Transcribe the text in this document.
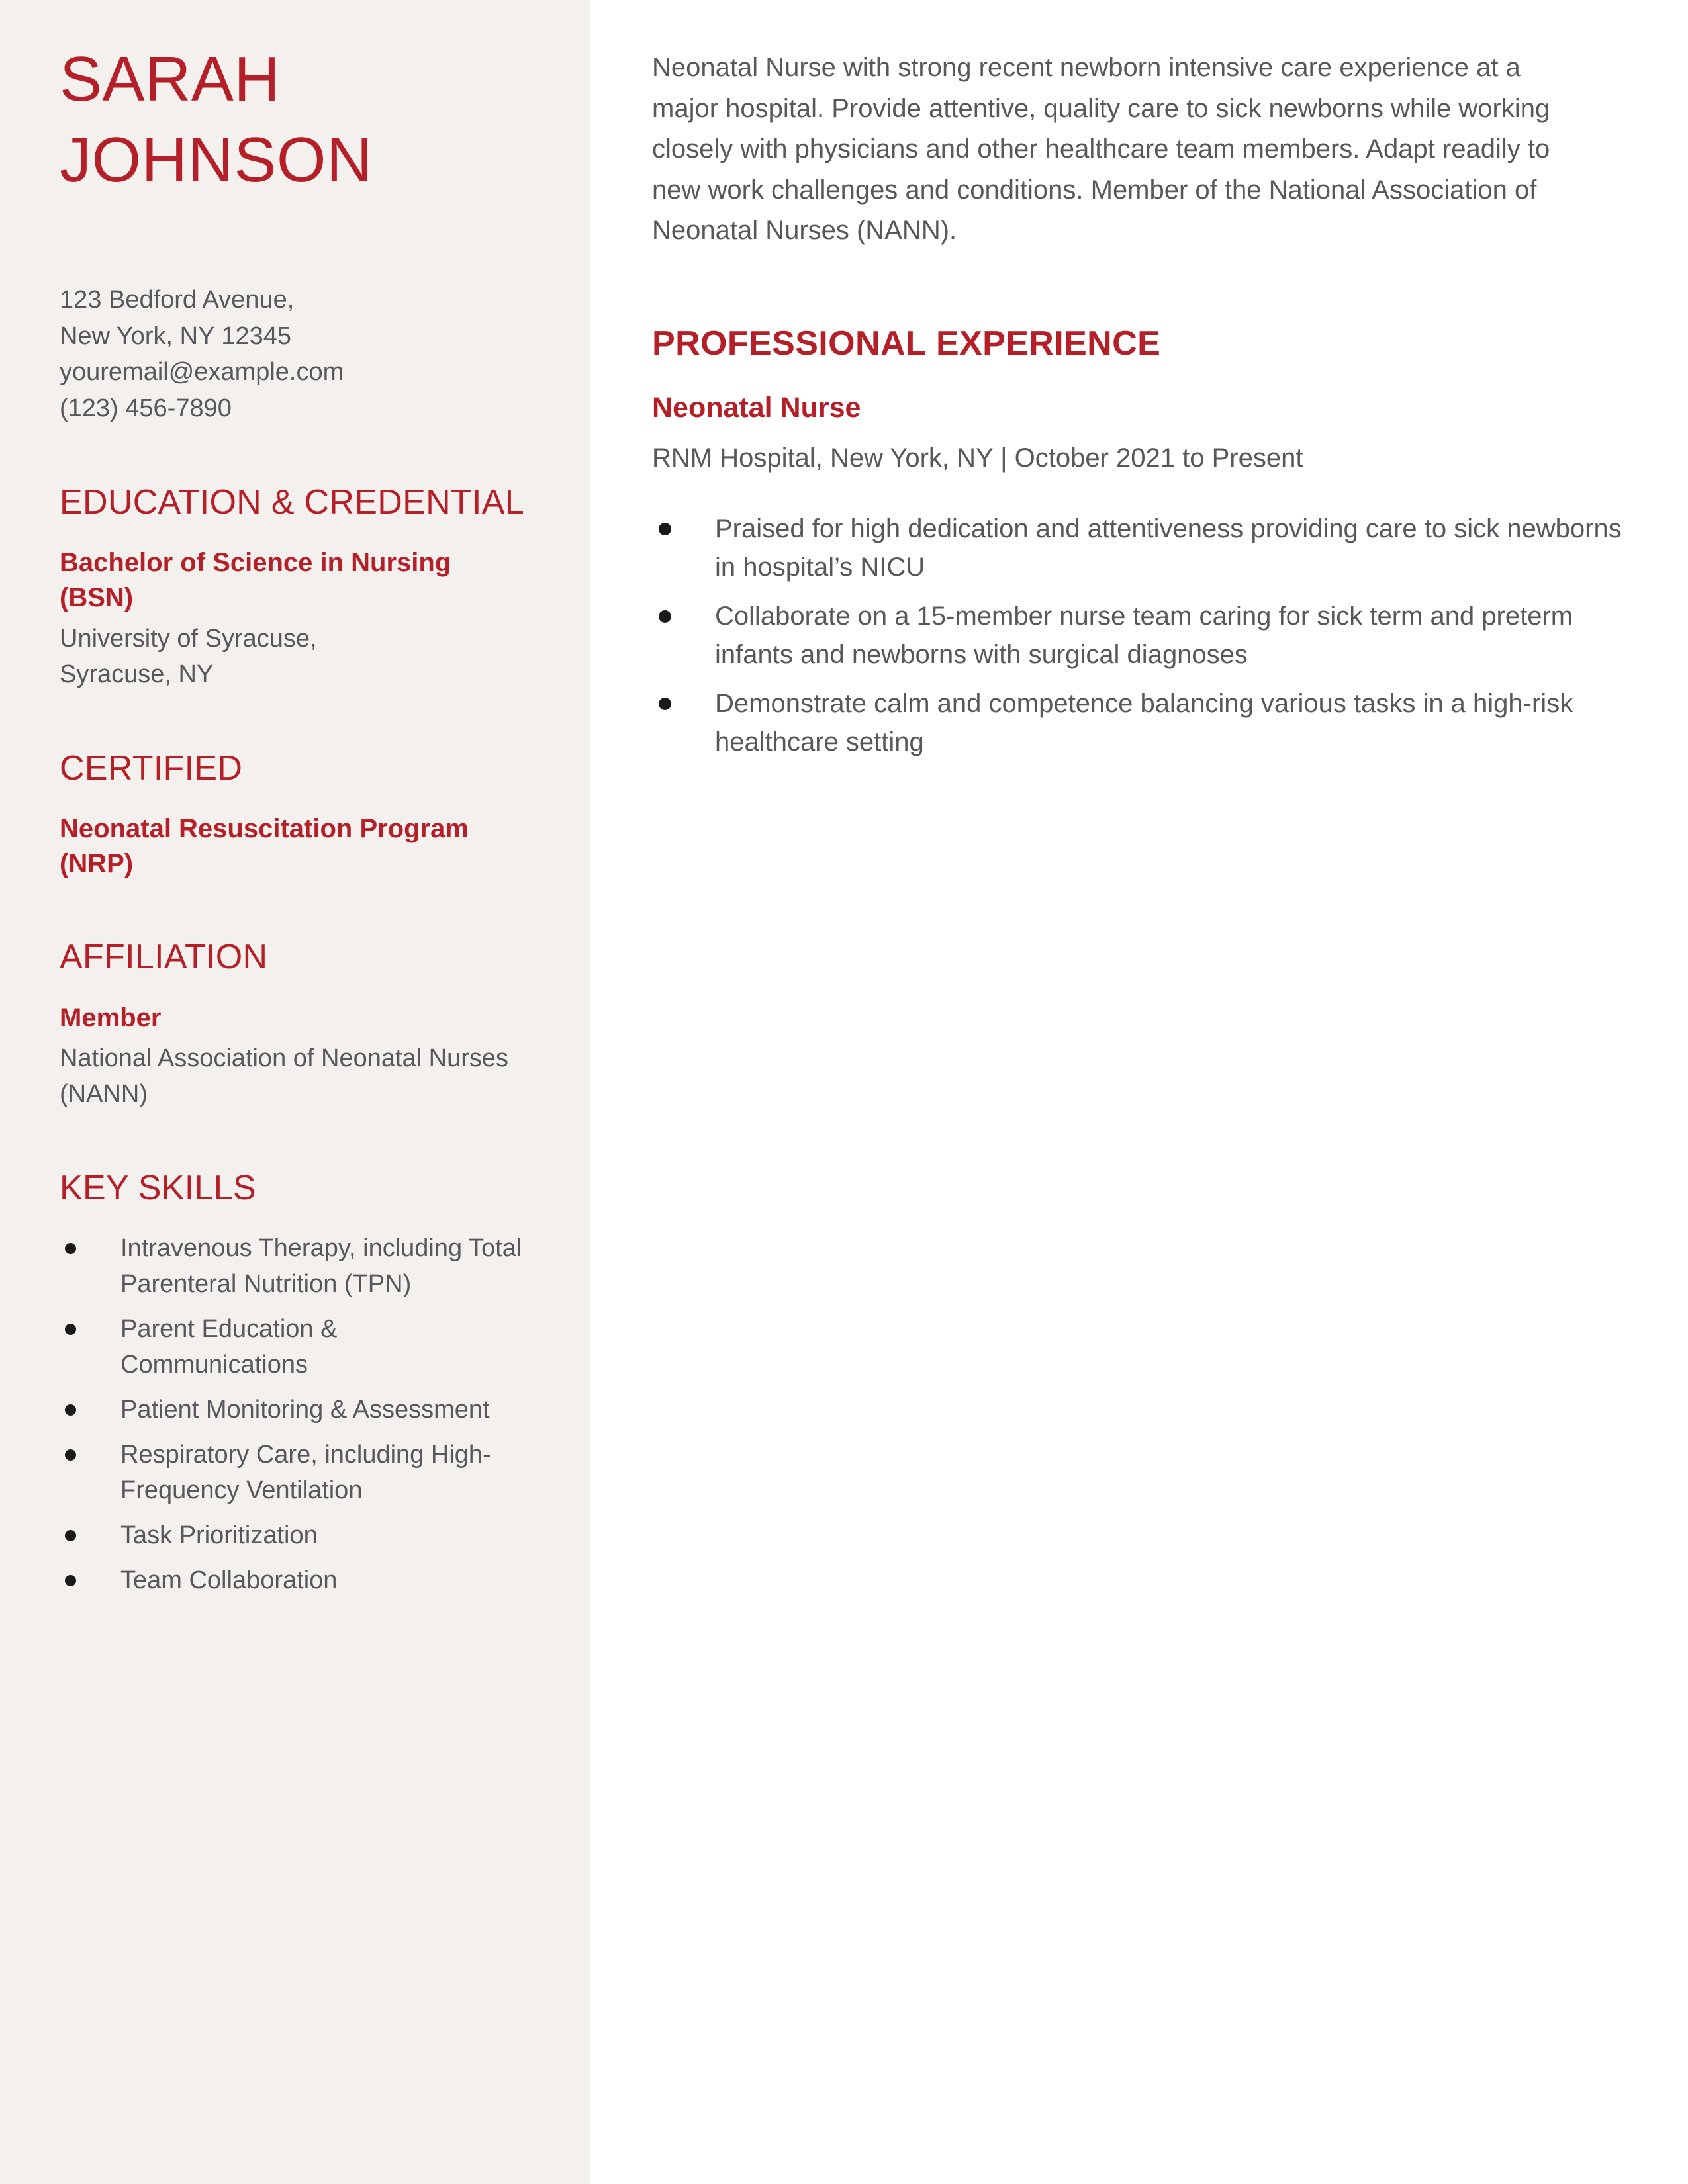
SARAH
JOHNSON
123 Bedford Avenue,
New York, NY 12345
youremail@example.com
(123) 456-7890
EDUCATION & CREDENTIAL
Bachelor of Science in Nursing (BSN)
University of Syracuse,
Syracuse, NY
CERTIFIED
Neonatal Resuscitation Program (NRP)
AFFILIATION
Member
National Association of Neonatal Nurses (NANN)
KEY SKILLS
Intravenous Therapy, including Total Parenteral Nutrition (TPN)
Parent Education & Communications
Patient Monitoring & Assessment
Respiratory Care, including High-Frequency Ventilation
Task Prioritization
Team Collaboration

Neonatal Nurse with strong recent newborn intensive care experience at a major hospital. Provide attentive, quality care to sick newborns while working closely with physicians and other healthcare team members. Adapt readily to new work challenges and conditions. Member of the National Association of Neonatal Nurses (NANN).

PROFESSIONAL EXPERIENCE
Neonatal Nurse
RNM Hospital, New York, NY | October 2021 to Present
Praised for high dedication and attentiveness providing care to sick newborns in hospital’s NICU
Collaborate on a 15-member nurse team caring for sick term and preterm infants and newborns with surgical diagnoses
Demonstrate calm and competence balancing various tasks in a high-risk healthcare setting
